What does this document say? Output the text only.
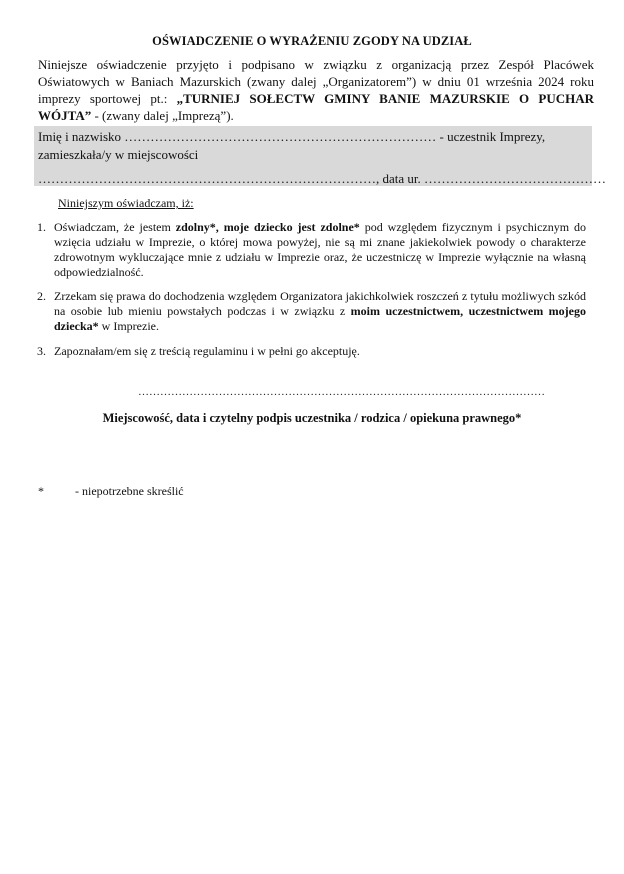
OŚWIADCZENIE O WYRAŻENIU ZGODY NA UDZIAŁ
Niniejsze oświadczenie przyjęto i podpisano w związku z organizacją przez Zespół Placówek Oświatowych w Baniach Mazurskich (zwany dalej „Organizatorem”) w dniu 01 września 2024 roku imprezy sportowej pt.: „TURNIEJ SOŁECTW GMINY BANIE MAZURSKIE O PUCHAR WÓJTA” - (zwany dalej „Imprezą”).
Imię i nazwisko ……………………………………………………………… - uczestnik Imprezy, zamieszkała/y w miejscowości
……………………………………………………………………, data ur. ……………………………………
Niniejszym oświadczam, iż:
1. Oświadczam, że jestem zdolny*, moje dziecko jest zdolne* pod względem fizycznym i psychicznym do wzięcia udziału w Imprezie, o której mowa powyżej, nie są mi znane jakiekolwiek powody o charakterze zdrowotnym wykluczające mnie z udziału w Imprezie oraz, że uczestniczę w Imprezie wyłącznie na własną odpowiedzialność.
2. Zrzekam się prawa do dochodzenia względem Organizatora jakichkolwiek roszczeń z tytułu możliwych szkód na osobie lub mieniu powstałych podczas i w związku z moim uczestnictwem, uczestnictwem mojego dziecka* w Imprezie.
3. Zapoznałam/em się z treścią regulaminu i w pełni go akceptuję.
…………………………………………………………………………………………………
Miejscowość, data i czytelny podpis uczestnika / rodzica / opiekuna prawnego*
*	- niepotrzebne skreślić
